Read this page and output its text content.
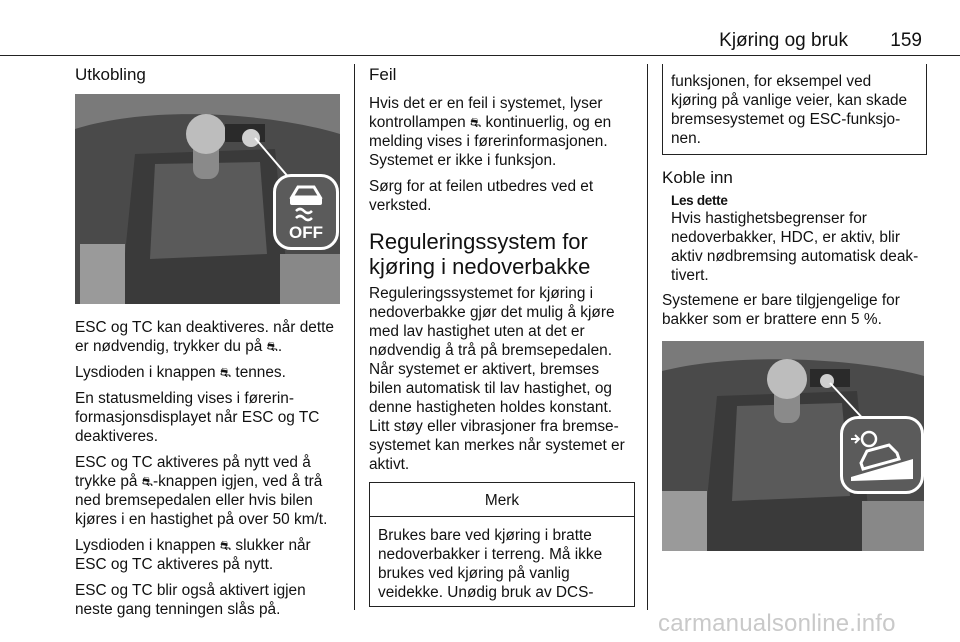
Kjøring og bruk 159
Utkobling
OFF

ESC og TC kan deaktiveres. når dette er nødvendig, trykker du på ⛐.

Lysdioden i knappen ⛐ tennes.

En statusmelding vises i førerin-formasjonsdisplayet når ESC og TC deaktiveres.

ESC og TC aktiveres på nytt ved å trykke på ⛐-knappen igjen, ved å trå ned bremsepedalen eller hvis bilen kjøres i en hastighet på over 50 km/t.

Lysdioden i knappen ⛐ slukker når ESC og TC aktiveres på nytt.

ESC og TC blir også aktivert igjen neste gang tenningen slås på.

Feil

Hvis det er en feil i systemet, lyser kontrollampen ⛐ kontinuerlig, og en melding vises i førerinformasjonen. Systemet er ikke i funksjon.

Sørg for at feilen utbedres ved et verksted.

Reguleringssystem for kjøring i nedoverbakke

Reguleringssystemet for kjøring i nedoverbakke gjør det mulig å kjøre med lav hastighet uten at det er nødvendig å trå på bremsepedalen. Når systemet er aktivert, bremses bilen automatisk til lav hastighet, og denne hastigheten holdes konstant. Litt støy eller vibrasjoner fra bremse-systemet kan merkes når systemet er aktivt.

Merk
Brukes bare ved kjøring i bratte nedoverbakker i terreng. Må ikke brukes ved kjøring på vanlig veidekke. Unødig bruk av DCS-
funksjonen, for eksempel ved kjøring på vanlige veier, kan skade bremsesystemet og ESC-funksjo-nen.
Koble inn
Les dette
Hvis hastighetsbegrenser for nedoverbakker, HDC, er aktiv, blir aktiv nødbremsing automatisk deak-tivert.

Systemene er bare tilgjengelige for bakker som er brattere enn 5 %.

carmanualsonline.info
